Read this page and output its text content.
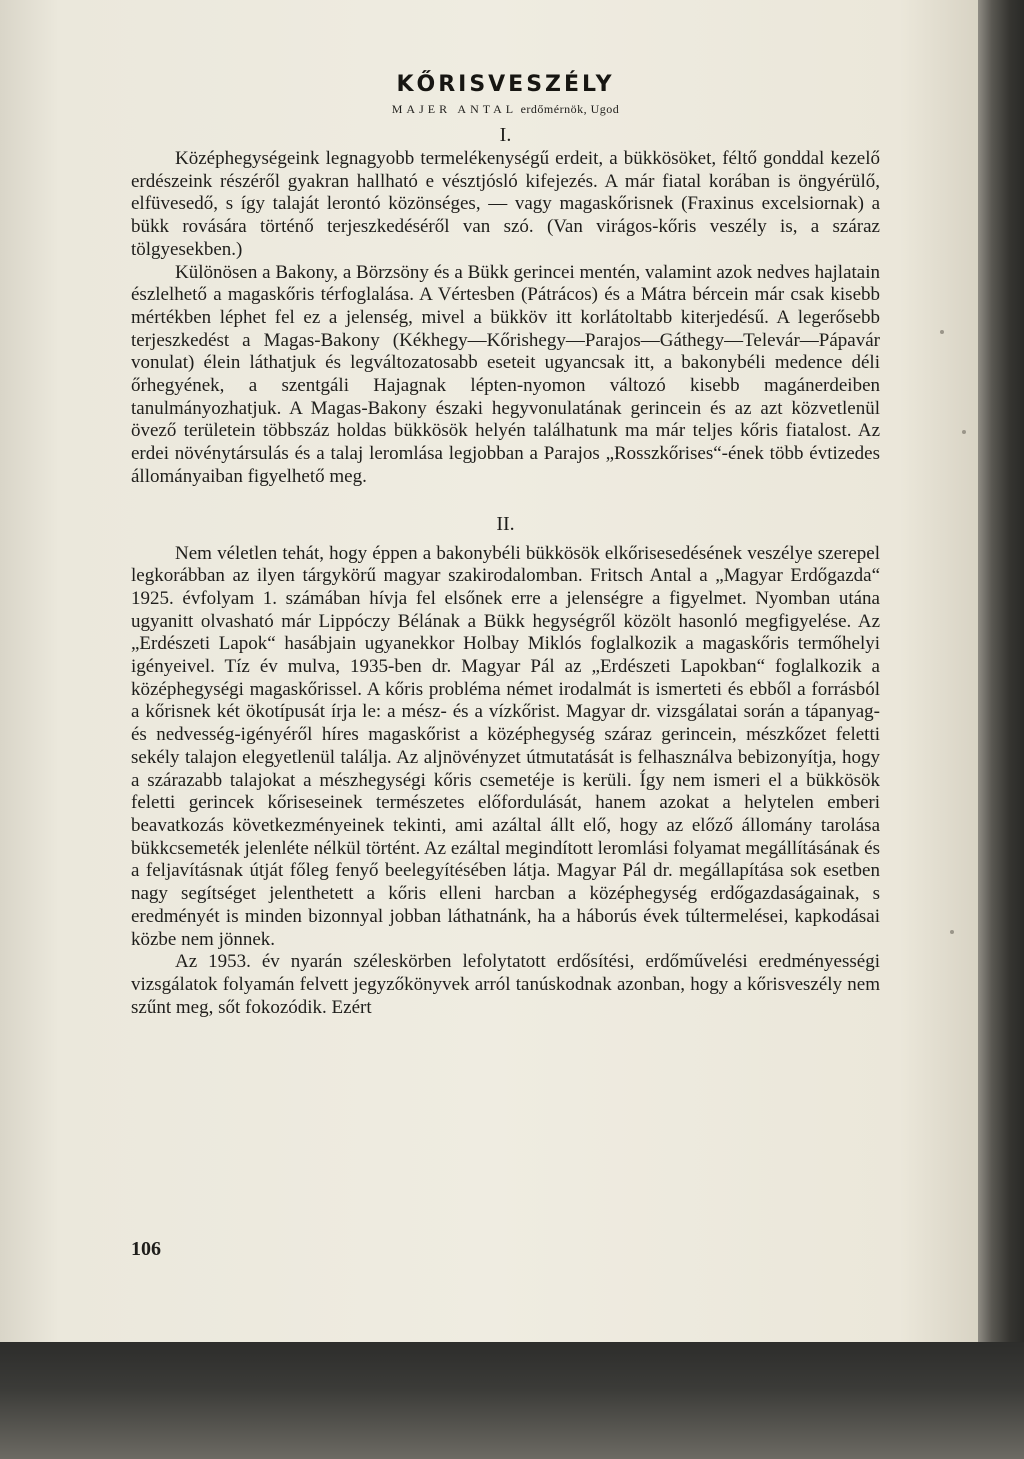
KŐRISVESZÉLY
MAJER ANTAL erdőmérnök, Ugod
I.

Középhegységeink legnagyobb termelékenységű erdeit, a bükkösöket, féltő gonddal kezelő erdészeink részéről gyakran hallható e vésztjósló kifejezés. A már fiatal korában is öngyérülő, elfüvesedő, s így talaját lerontó közönséges, — vagy magaskőrisnek (Fraxinus excelsiornak) a bükk rovására történő terjeszkedéséről van szó. (Van virágos-kőris veszély is, a száraz tölgyesekben.)

Különösen a Bakony, a Börzsöny és a Bükk gerincei mentén, valamint azok nedves hajlatain észlelhető a magaskőris térfoglalása. A Vértesben (Pátrácos) és a Mátra bércein már csak kisebb mértékben léphet fel ez a jelenség, mivel a bükköv itt korlátoltabb kiterjedésű. A legerősebb terjeszkedést a Magas-Bakony (Kékhegy—Kőrishegy—Parajos—Gáthegy—Televár—Pápavár vonulat) élein láthatjuk és legváltozatosabb eseteit ugyancsak itt, a bakonybéli medence déli őrhegyének, a szentgáli Hajagnak lépten-nyomon változó kisebb magánerdeiben tanulmányozhatjuk. A Magas-Bakony északi hegyvonulatának gerincein és az azt közvetlenül övező területein többszáz holdas bükkösök helyén találhatunk ma már teljes kőris fiatalost. Az erdei növénytársulás és a talaj leromlása legjobban a Parajos „Rosszkőrises“-ének több évtizedes állományaiban figyelhető meg.

II.

Nem véletlen tehát, hogy éppen a bakonybéli bükkösök elkőrisesedésének veszélye szerepel legkorábban az ilyen tárgykörű magyar szakirodalomban. Fritsch Antal a „Magyar Erdőgazda“ 1925. évfolyam 1. számában hívja fel elsőnek erre a jelenségre a figyelmet. Nyomban utána ugyanitt olvasható már Lippóczy Bélának a Bükk hegységről közölt hasonló megfigyelése. Az „Erdészeti Lapok“ hasábjain ugyanekkor Holbay Miklós foglalkozik a magaskőris termőhelyi igényeivel. Tíz év mulva, 1935-ben dr. Magyar Pál az „Erdészeti Lapokban“ foglalkozik a középhegységi magaskőrissel. A kőris probléma német irodalmát is ismerteti és ebből a forrásból a kőrisnek két ökotípusát írja le: a mész- és a vízkőrist. Magyar dr. vizsgálatai során a tápanyag- és nedvesség-igényéről híres magaskőrist a középhegység száraz gerincein, mészkőzet feletti sekély talajon elegyetlenül találja. Az aljnövényzet útmutatását is felhasználva bebizonyítja, hogy a szárazabb talajokat a mészhegységi kőris csemetéje is kerüli. Így nem ismeri el a bükkösök feletti gerincek kőriseseinek természetes előfordulását, hanem azokat a helytelen emberi beavatkozás következményeinek tekinti, ami azáltal állt elő, hogy az előző állomány tarolása bükkcsemeték jelenléte nélkül történt. Az ezáltal megindított leromlási folyamat megállításának és a feljavításnak útját főleg fenyő beelegyítésében látja. Magyar Pál dr. megállapítása sok esetben nagy segítséget jelenthetett a kőris elleni harcban a középhegység erdőgazdaságainak, s eredményét is minden bizonnyal jobban láthatnánk, ha a háborús évek túltermelései, kapkodásai közbe nem jönnek.

Az 1953. év nyarán széleskörben lefolytatott erdősítési, erdőművelési eredményességi vizsgálatok folyamán felvett jegyzőkönyvek arról tanúskodnak azonban, hogy a kőrisveszély nem szűnt meg, sőt fokozódik. Ezért

106
